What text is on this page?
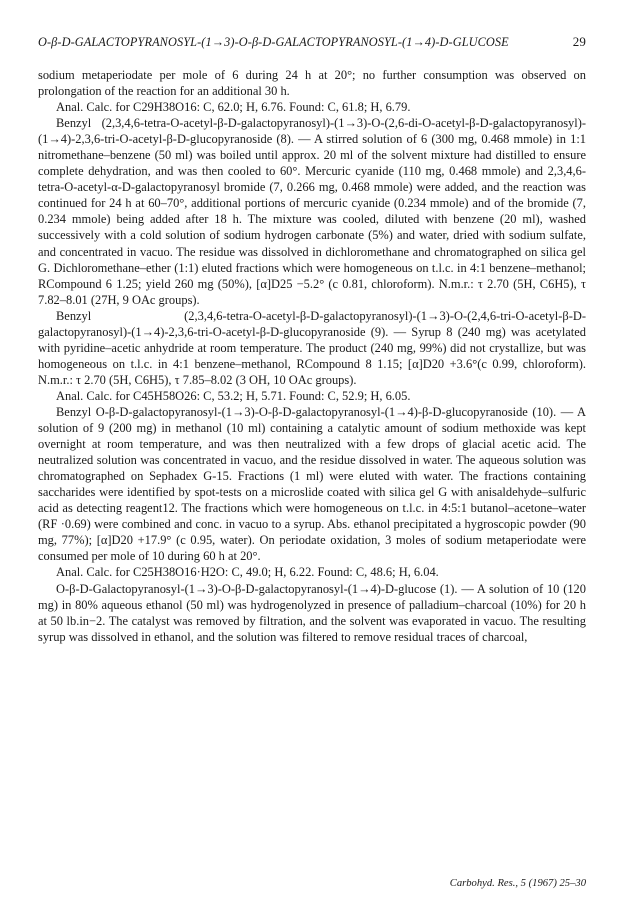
O-β-D-GALACTOPYRANOSYL-(1→3)-O-β-D-GALACTOPYRANOSYL-(1→4)-D-GLUCOSE	29

sodium metaperiodate per mole of 6 during 24 h at 20°; no further consumption was observed on prolongation of the reaction for an additional 30 h.

Anal. Calc. for C29H38O16: C, 62.0; H, 6.76. Found: C, 61.8; H, 6.79.

Benzyl (2,3,4,6-tetra-O-acetyl-β-D-galactopyranosyl)-(1→3)-O-(2,6-di-O-acetyl-β-D-galactopyranosyl)-(1→4)-2,3,6-tri-O-acetyl-β-D-glucopyranoside (8). — A stirred solution of 6 (300 mg, 0.468 mmole) in 1:1 nitromethane–benzene (50 ml) was boiled until approx. 20 ml of the solvent mixture had distilled to ensure complete dehydration, and was then cooled to 60°. Mercuric cyanide (110 mg, 0.468 mmole) and 2,3,4,6-tetra-O-acetyl-α-D-galactopyranosyl bromide (7, 0.266 mg, 0.468 mmole) were added, and the reaction was continued for 24 h at 60–70°, additional portions of mercuric cyanide (0.234 mmole) and of the bromide (7, 0.234 mmole) being added after 18 h. The mixture was cooled, diluted with benzene (20 ml), washed successively with a cold solution of sodium hydrogen carbonate (5%) and water, dried with sodium sulfate, and concentrated in vacuo. The residue was dissolved in dichloromethane and chromatographed on silica gel G. Dichloromethane–ether (1:1) eluted fractions which were homogeneous on t.l.c. in 4:1 benzene–methanol; RCompound 6 1.25; yield 260 mg (50%), [α]D25 −5.2° (c 0.81, chloroform). N.m.r.: τ 2.70 (5H, C6H5), τ 7.82–8.01 (27H, 9 OAc groups).

Benzyl (2,3,4,6-tetra-O-acetyl-β-D-galactopyranosyl)-(1→3)-O-(2,4,6-tri-O-acetyl-β-D-galactopyranosyl)-(1→4)-2,3,6-tri-O-acetyl-β-D-glucopyranoside (9). — Syrup 8 (240 mg) was acetylated with pyridine–acetic anhydride at room temperature. The product (240 mg, 99%) did not crystallize, but was homogeneous on t.l.c. in 4:1 benzene–methanol, RCompound 8 1.15; [α]D20 +3.6°(c 0.99, chloroform). N.m.r.: τ 2.70 (5H, C6H5), τ 7.85–8.02 (3 OH, 10 OAc groups).

Anal. Calc. for C45H58O26: C, 53.2; H, 5.71. Found: C, 52.9; H, 6.05.

Benzyl O-β-D-galactopyranosyl-(1→3)-O-β-D-galactopyranosyl-(1→4)-β-D-glucopyranoside (10). — A solution of 9 (200 mg) in methanol (10 ml) containing a catalytic amount of sodium methoxide was kept overnight at room temperature, and was then neutralized with a few drops of glacial acetic acid. The neutralized solution was concentrated in vacuo, and the residue dissolved in water. The aqueous solution was chromatographed on Sephadex G-15. Fractions (1 ml) were eluted with water. The fractions containing saccharides were identified by spot-tests on a microslide coated with silica gel G with anisaldehyde–sulfuric acid as detecting reagent12. The fractions which were homogeneous on t.l.c. in 4:5:1 butanol–acetone–water (RF ·0.69) were combined and conc. in vacuo to a syrup. Abs. ethanol precipitated a hygroscopic powder (90 mg, 77%); [α]D20 +17.9° (c 0.95, water). On periodate oxidation, 3 moles of sodium metaperiodate were consumed per mole of 10 during 60 h at 20°.

Anal. Calc. for C25H38O16·H2O: C, 49.0; H, 6.22. Found: C, 48.6; H, 6.04.

O-β-D-Galactopyranosyl-(1→3)-O-β-D-galactopyranosyl-(1→4)-D-glucose (1). — A solution of 10 (120 mg) in 80% aqueous ethanol (50 ml) was hydrogenolyzed in presence of palladium–charcoal (10%) for 20 h at 50 lb.in−2. The catalyst was removed by filtration, and the solvent was evaporated in vacuo. The resulting syrup was dissolved in ethanol, and the solution was filtered to remove residual traces of charcoal,

Carbohyd. Res., 5 (1967) 25–30
